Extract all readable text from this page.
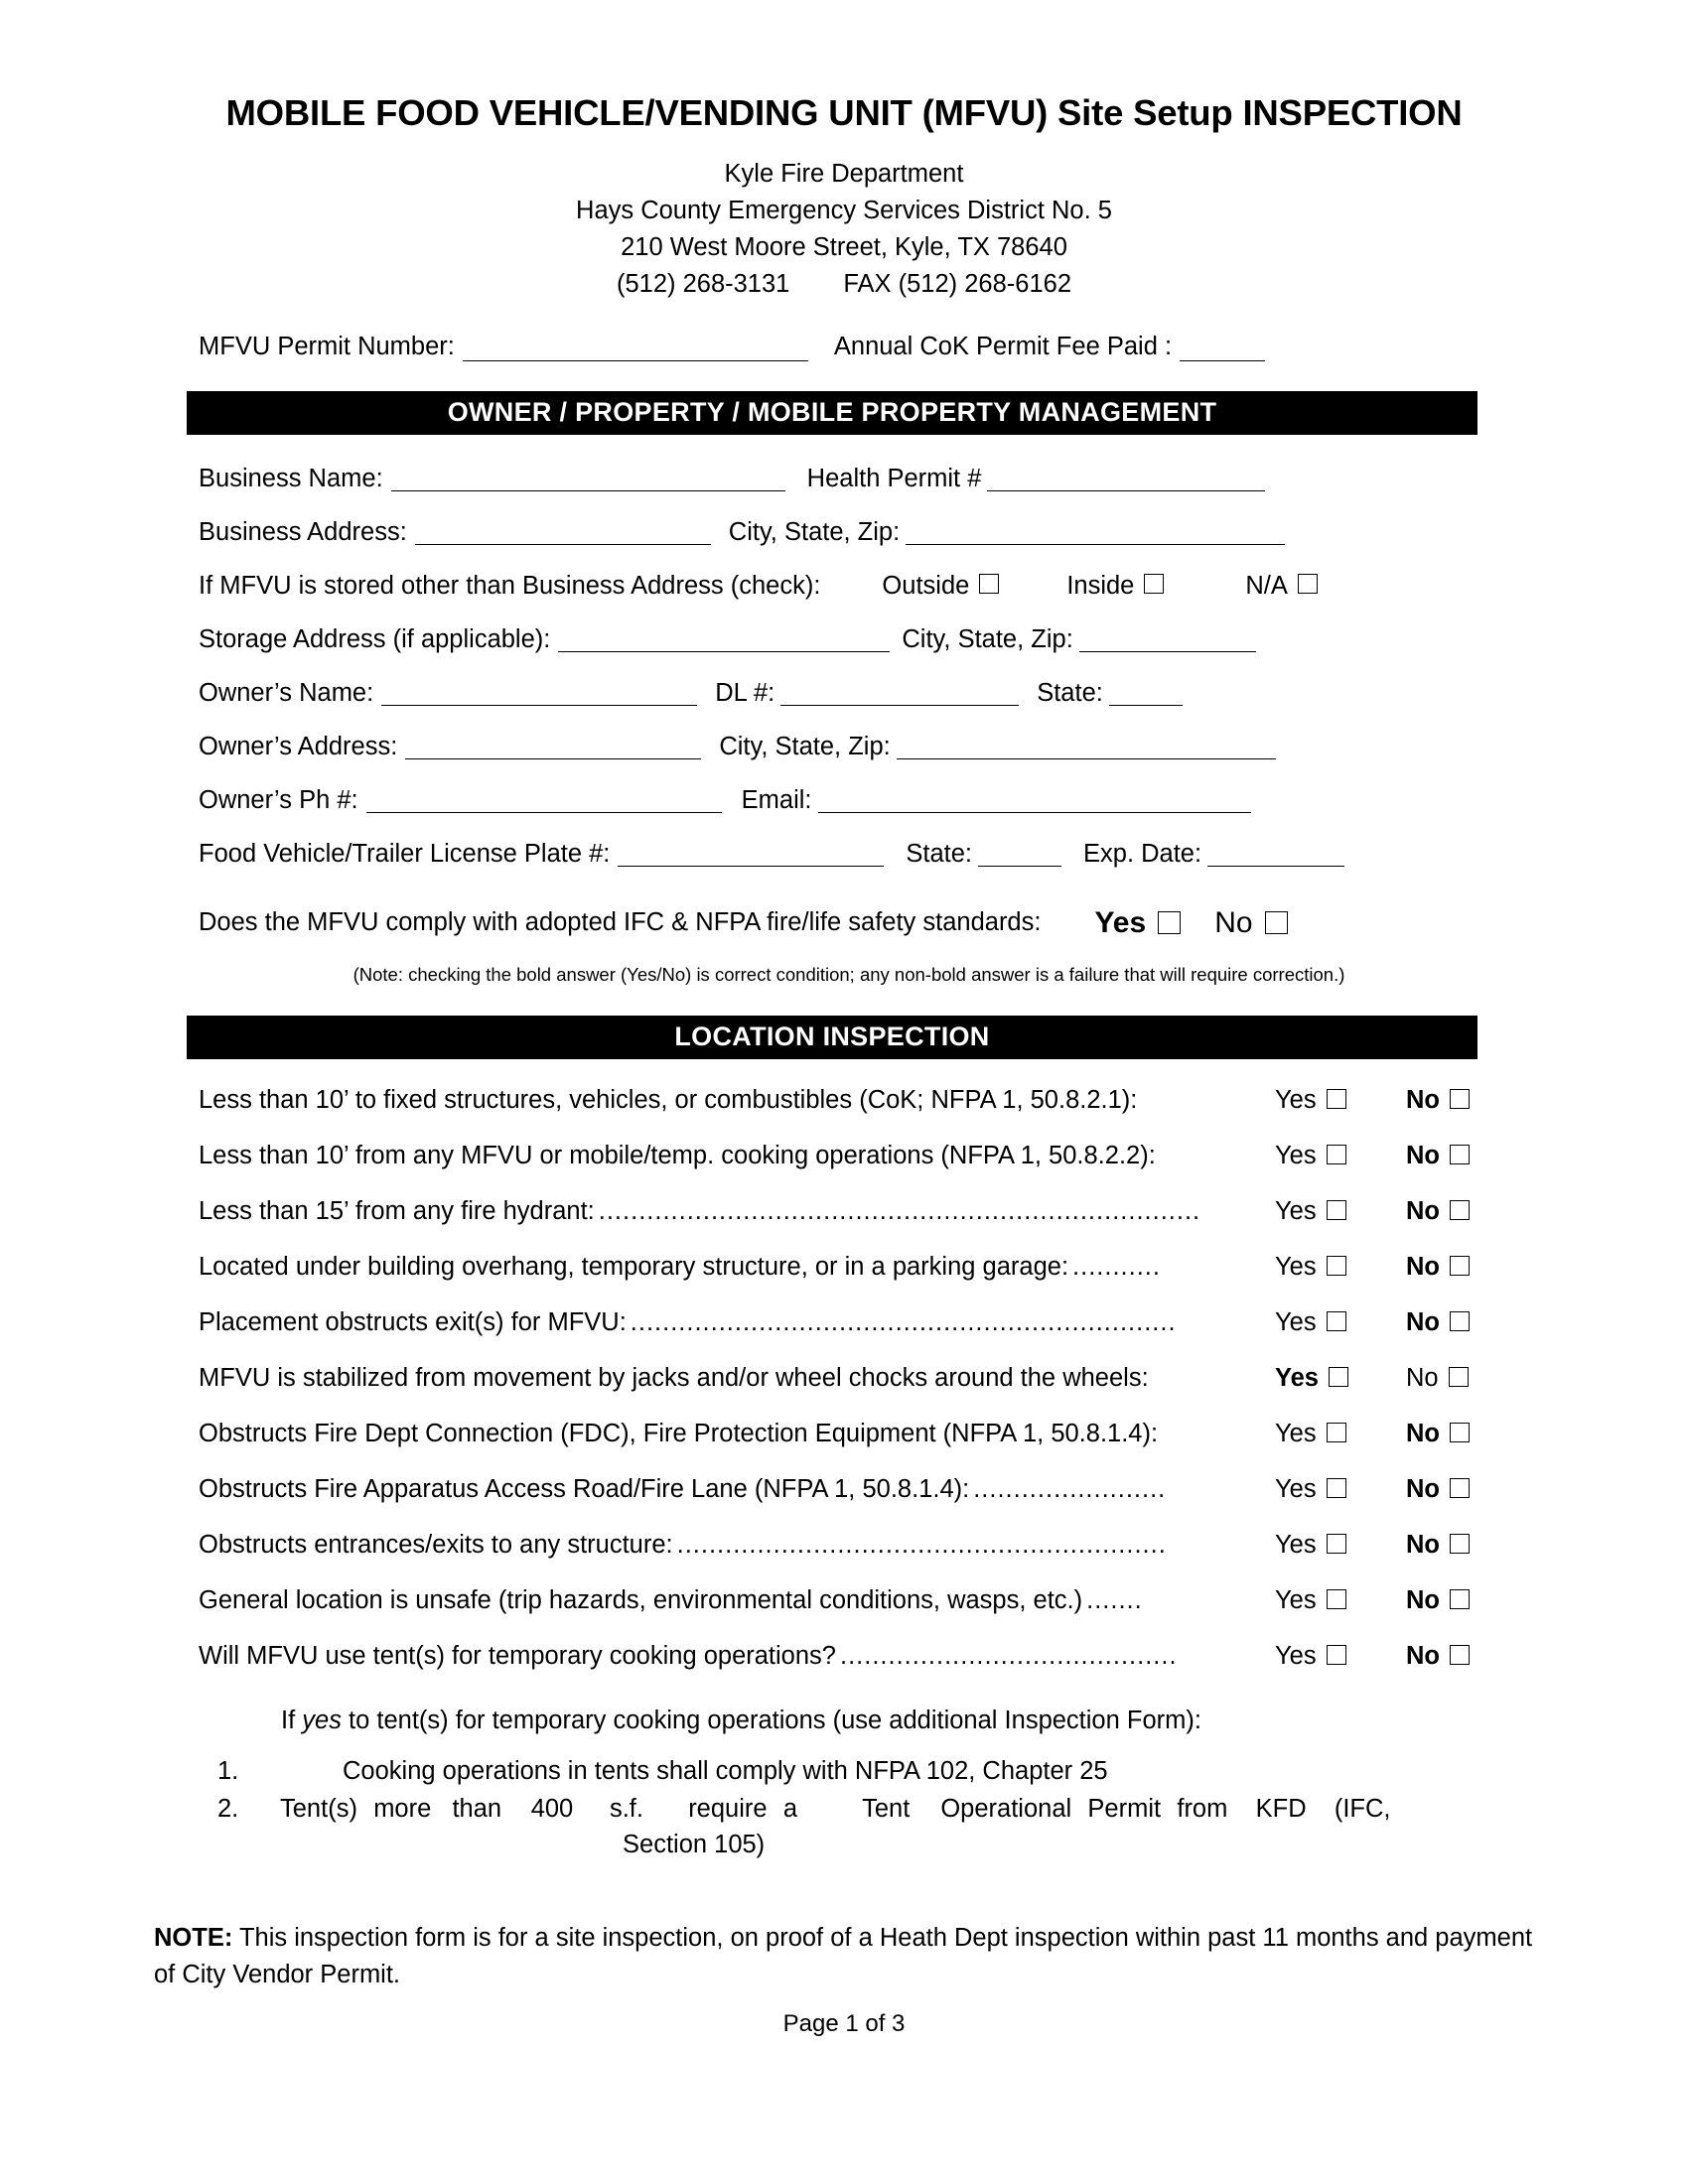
MOBILE FOOD VEHICLE/VENDING UNIT (MFVU) Site Setup INSPECTION
Kyle Fire Department
Hays County Emergency Services District No. 5
210 West Moore Street, Kyle, TX 78640
(512) 268-3131 FAX (512) 268-6162
MFVU Permit Number:	Annual CoK Permit Fee Paid :
OWNER / PROPERTY / MOBILE PROPERTY MANAGEMENT
Business Name:	Health Permit #
Business Address:	City, State, Zip:
If MFVU is stored other than Business Address (check): Outside	Inside	N/A
Storage Address (if applicable):	City, State, Zip:
Owner’s Name:	DL #:	State:
Owner’s Address:	City, State, Zip:
Owner’s Ph #:	Email:
Food Vehicle/Trailer License Plate #:	State:	Exp. Date:
Does the MFVU comply with adopted IFC & NFPA fire/life safety standards: Yes No
(Note: checking the bold answer (Yes/No) is correct condition; any non-bold answer is a failure that will require correction.)
LOCATION INSPECTION
Less than 10’ to fixed structures, vehicles, or combustibles (CoK; NFPA 1, 50.8.2.1):	Yes	No
Less than 10’ from any MFVU or mobile/temp. cooking operations (NFPA 1, 50.8.2.2):	Yes	No
Less than 15’ from any fire hydrant: ...........................................................................	Yes	No
Located under building overhang, temporary structure, or in a parking garage: ...........	Yes	No
Placement obstructs exit(s) for MFVU: ....................................................................	Yes	No
MFVU is stabilized from movement by jacks and/or wheel chocks around the wheels:	Yes	No
Obstructs Fire Dept Connection (FDC), Fire Protection Equipment (NFPA 1, 50.8.1.4):	Yes	No
Obstructs Fire Apparatus Access Road/Fire Lane (NFPA 1, 50.8.1.4): ........................	Yes	No
Obstructs entrances/exits to any structure: .............................................................	Yes	No
General location is unsafe (trip hazards, environmental conditions, wasps, etc.) .......	Yes	No
Will MFVU use tent(s) for temporary cooking operations? ..........................................	Yes	No
If yes to tent(s) for temporary cooking operations (use additional Inspection Form):
1.	Cooking operations in tents shall comply with NFPA 102, Chapter 25
2. Tent(s) more than	400	s.f.	require a	Tent	Operational Permit from	KFD	(IFC,
Section 105)
NOTE: This inspection form is for a site inspection, on proof of a Heath Dept inspection within past 11 months and payment of City Vendor Permit.
Page 1 of 3
